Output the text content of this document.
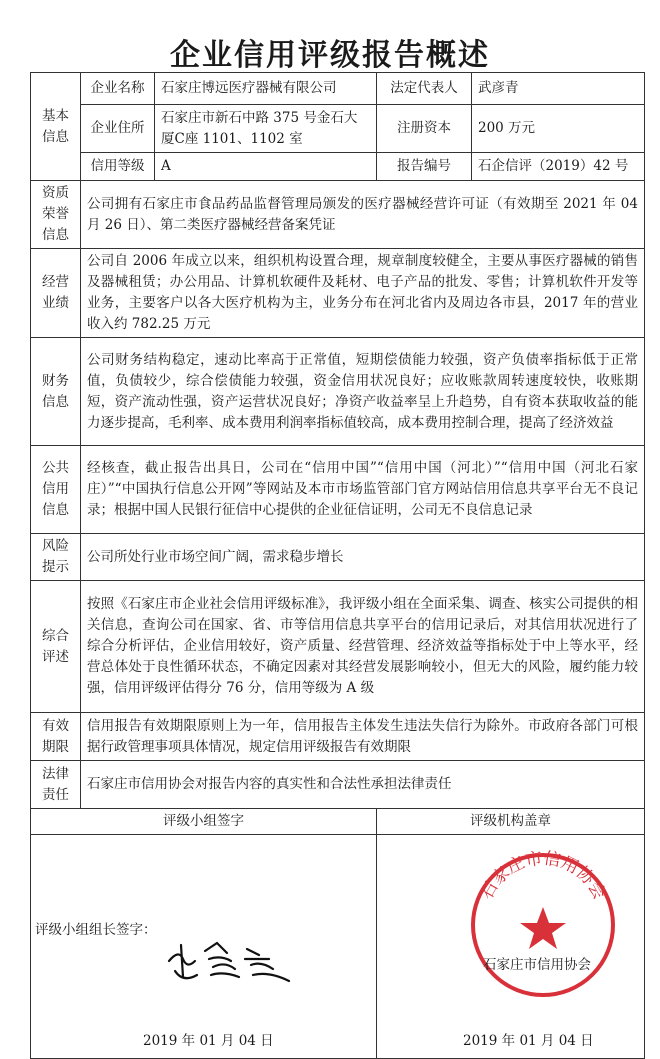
企业信用评级报告概述
基本信息	企业名称	石家庄博远医疗器械有限公司	法定代表人	武彦青
	企业住所	石家庄市新石中路 375 号金石大厦C座 1101、1102 室	注册资本	200 万元
	信用等级	A	报告编号	石企信评（2019）42 号
资质荣誉信息	公司拥有石家庄市食品药品监督管理局颁发的医疗器械经营许可证（有效期至 2021 年 04 月 26 日）、第二类医疗器械经营备案凭证			
经营业绩	公司自 2006 年成立以来，组织机构设置合理，规章制度较健全，主要从事医疗器械的销售及器械租赁；办公用品、计算机软硬件及耗材、电子产品的批发、零售；计算机软件开发等业务，主要客户以各大医疗机构为主，业务分布在河北省内及周边各市县，2017 年的营业收入约 782.25 万元			
财务信息	公司财务结构稳定，速动比率高于正常值，短期偿债能力较强，资产负债率指标低于正常值，负债较少，综合偿债能力较强，资金信用状况良好；应收账款周转速度较快，收账期短，资产流动性强，资产运营状况良好；净资产收益率呈上升趋势，自有资本获取收益的能力逐步提高，毛利率、成本费用利润率指标值较高，成本费用控制合理，提高了经济效益			
公共信用信息	经核查，截止报告出具日，公司在“信用中国”“信用中国（河北）”“信用中国（河北石家庄）”“中国执行信息公开网”等网站及本市市场监管部门官方网站信用信息共享平台无不良记录；根据中国人民银行征信中心提供的企业征信证明，公司无不良信息记录			
风险提示	公司所处行业市场空间广阔，需求稳步增长			
综合评述	按照《石家庄市企业社会信用评级标准》，我评级小组在全面采集、调查、核实公司提供的相关信息，查询公司在国家、省、市等信用信息共享平台的信用记录后，对其信用状况进行了综合分析评估，企业信用较好，资产质量、经营管理、经济效益等指标处于中上等水平，经营总体处于良性循环状态，不确定因素对其经营发展影响较小，但无大的风险，履约能力较强，信用评级评估得分 76 分，信用等级为 A 级			
有效期限	信用报告有效期限原则上为一年，信用报告主体发生违法失信行为除外。市政府各部门可根据行政管理事项具体情况，规定信用评级报告有效期限			
法律责任	石家庄市信用协会对报告内容的真实性和合法性承担法律责任			
评级小组签字			评级机构盖章	

评级小组组长签字：
2019 年 01 月 04 日			石家庄市信用协会
石家庄市信用协会
2019 年 01 月 04 日	
